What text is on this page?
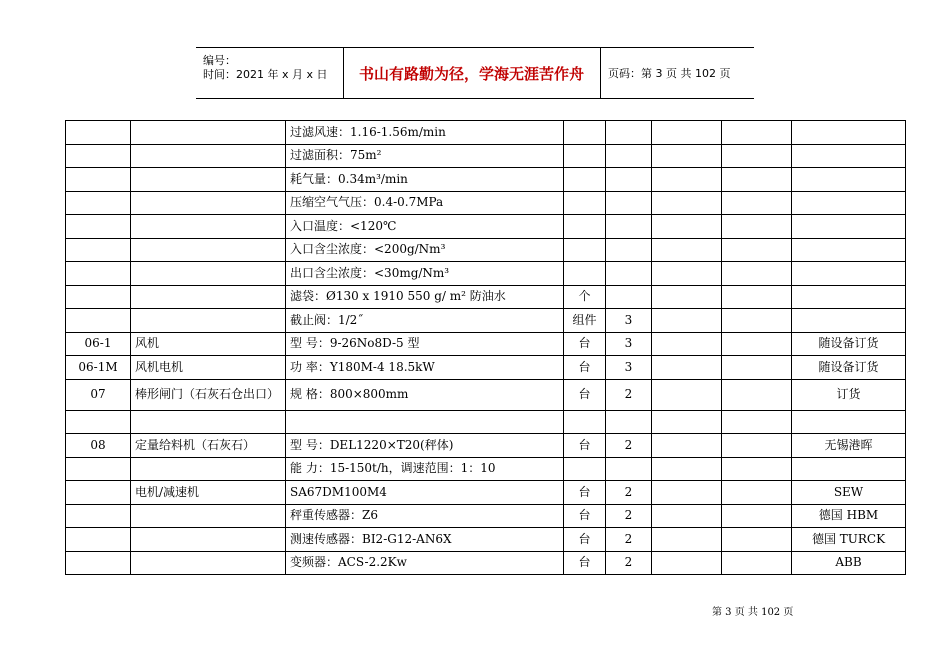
编号：
时间：2021 年 x 月 x 日	书山有路勤为径，学海无涯苦作舟	页码：第 3 页 共 102 页
		过滤风速：1.16-1.56m/min					
		过滤面积：75m²					
		耗气量：0.34m³/min					
		压缩空气气压：0.4-0.7MPa					
		入口温度：<120℃					
		入口含尘浓度：<200g/Nm³					
		出口含尘浓度：<30mg/Nm³					
		滤袋：Ø130 x 1910 550 g/ m² 防油水	个				
		截止阀：1/2˝	组件	3			
06-1	风机	型 号：9-26No8D-5 型	台	3			随设备订货
06-1M	风机电机	功 率：Y180M-4 18.5kW	台	3			随设备订货
07	棒形闸门（石灰石仓出口）	规 格：800×800mm	台	2			订货

08	定量给料机（石灰石）	型 号：DEL1220×T20(秤体)	台	2			无锡港晖
		能 力：15-150t/h，调速范围：1：10					
	电机/减速机	SA67DM100M4	台	2			SEW
		秤重传感器：Z6	台	2			德国 HBM
		测速传感器：BI2-G12-AN6X	台	2			德国 TURCK
		变频器：ACS-2.2Kw	台	2			ABB
第 3 页 共 102 页
